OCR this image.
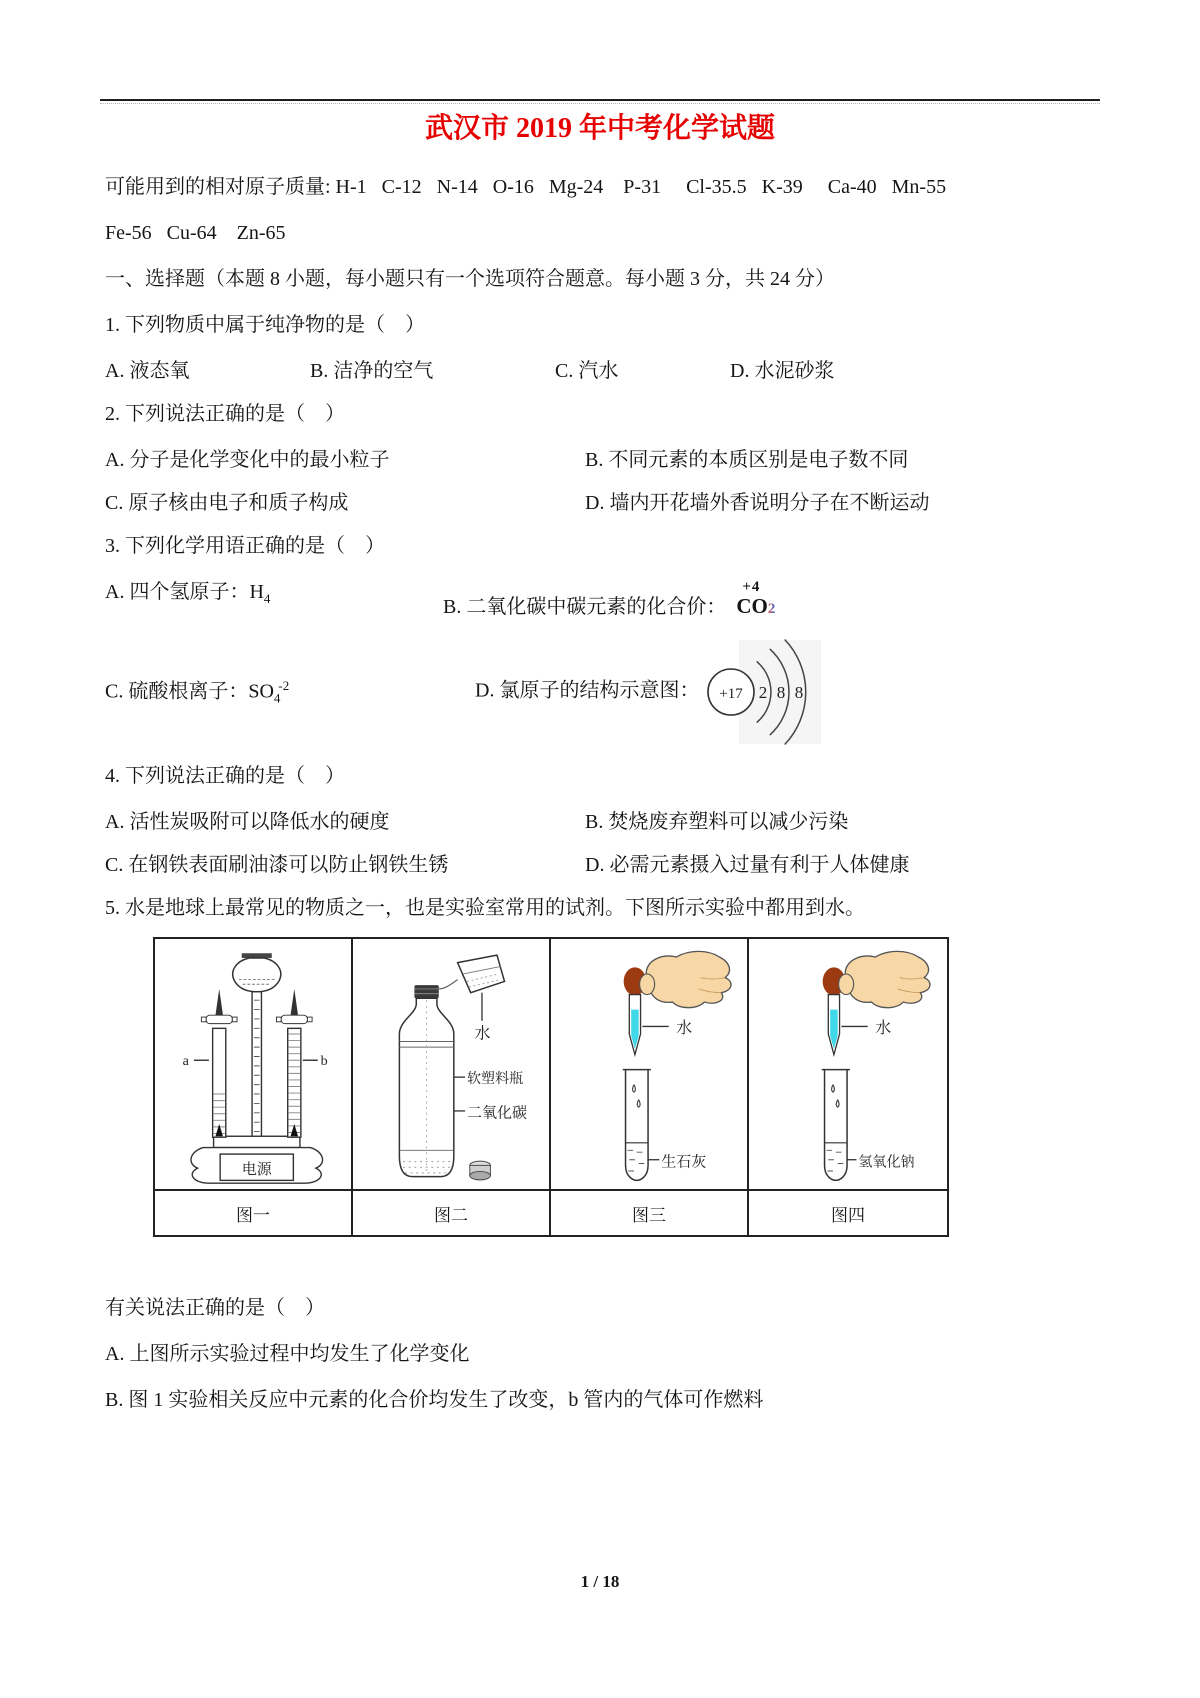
武汉市 2019 年中考化学试题

可能用到的相对原子质量: H-1   C-12   N-14   O-16   Mg-24    P-31     Cl-35.5   K-39     Ca-40   Mn-55

Fe-56   Cu-64    Zn-65

一、选择题（本题 8 小题，每小题只有一个选项符合题意。每小题 3 分，共 24 分）

1. 下列物质中属于纯净物的是（    ）

A. 液态氧	B. 洁净的空气	C. 汽水	D. 水泥砂浆

2. 下列说法正确的是（    ）

A. 分子是化学变化中的最小粒子	B. 不同元素的本质区别是电子数不同
C. 原子核由电子和质子构成	D. 墙内开花墙外香说明分子在不断运动

3. 下列化学用语正确的是（    ）

A. 四个氢原子：$H_4$	B. 二氧化碳中碳元素的化合价：
+4
CO2
C. 硫酸根离子：$SO_4^{-2}$	D. 氯原子的结构示意图： +17 2 8 8

4. 下列说法正确的是（    ）

A. 活性炭吸附可以降低水的硬度	B. 焚烧废弃塑料可以减少污染
C. 在钢铁表面刷油漆可以防止钢铁生锈	D. 必需元素摄入过量有利于人体健康

5. 水是地球上最常见的物质之一，也是实验室常用的试剂。下图所示实验中都用到水。

电源
a	b
水
软塑料瓶
二氧化碳
水
生石灰
水
氢氧化钠
图一	图二	图三	图四

有关说法正确的是（    ）

A. 上图所示实验过程中均发生了化学变化

B. 图 1 实验相关反应中元素的化合价均发生了改变，b 管内的气体可作燃料

1 / 18
